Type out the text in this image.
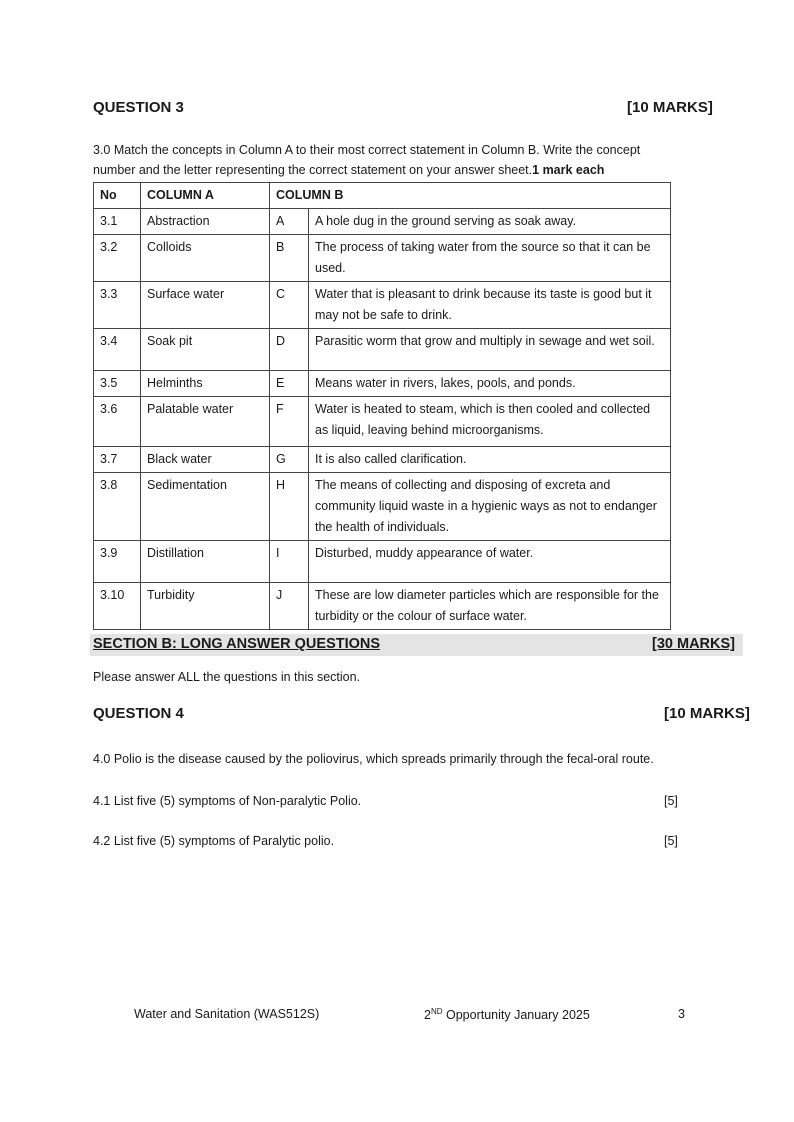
QUESTION 3	[10 MARKS]
3.0 Match the concepts in Column A to their most correct statement in Column B. Write the concept
number and the letter representing the correct statement on your answer sheet.1 mark each
No	COLUMN A	COLUMN B	
3.1	Abstraction	A	A hole dug in the ground serving as soak away.
3.2	Colloids	B	The process of taking water from the source so that it can be used.
3.3	Surface water	C	Water that is pleasant to drink because its taste is good but it may not be safe to drink.
3.4	Soak pit	D	Parasitic worm that grow and multiply in sewage and wet soil.
3.5	Helminths	E	Means water in rivers, lakes, pools, and ponds.
3.6	Palatable water	F	Water is heated to steam, which is then cooled and collected as liquid, leaving behind microorganisms.
3.7	Black water	G	It is also called clarification.
3.8	Sedimentation	H	The means of collecting and disposing of excreta and community liquid waste in a hygienic ways as not to endanger the health of individuals.
3.9	Distillation	I	Disturbed, muddy appearance of water.
3.10	Turbidity	J	These are low diameter particles which are responsible for the turbidity or the colour of surface water.
SECTION B: LONG ANSWER QUESTIONS	[30 MARKS]
Please answer ALL the questions in this section.
QUESTION 4	[10 MARKS]
4.0 Polio is the disease caused by the poliovirus, which spreads primarily through the fecal-oral route.
4.1 List five (5) symptoms of Non-paralytic Polio.	[5]
4.2 List five (5) symptoms of Paralytic polio.	[5]
Water and Sanitation (WAS512S)	2ND Opportunity January 2025	3
